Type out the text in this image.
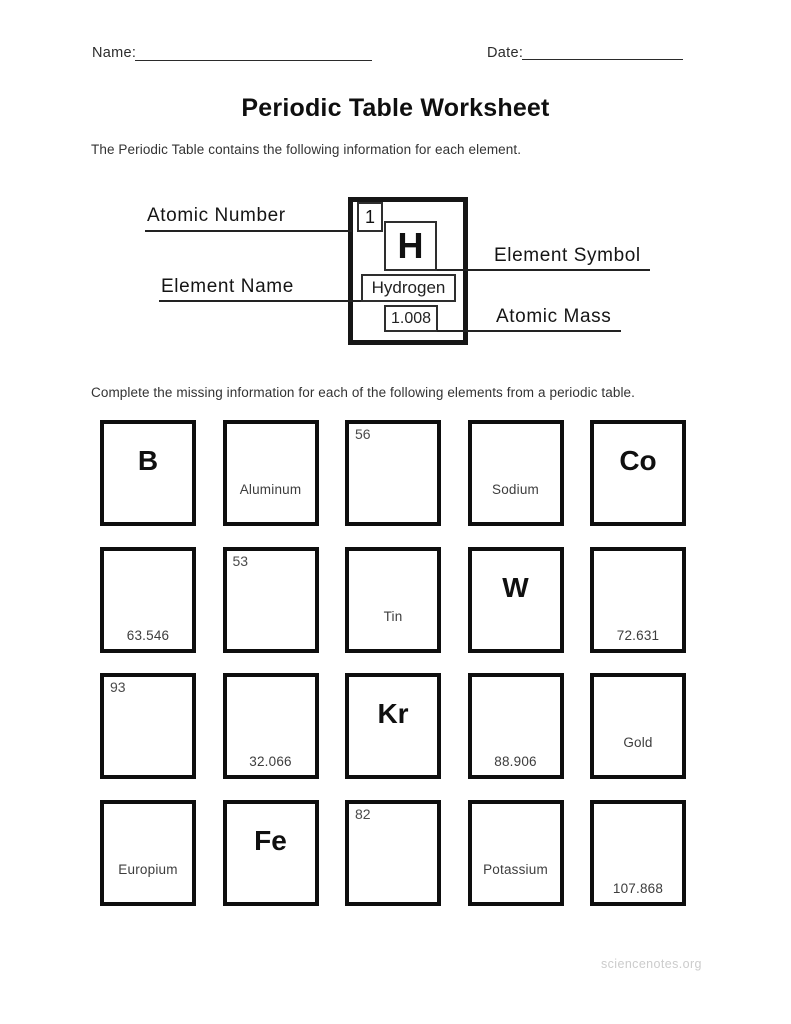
Name:	Date:
Periodic Table Worksheet
The Periodic Table contains the following information for each element.
Atomic Number
Element Symbol
Element Name
Atomic Mass
1
H
Hydrogen
1.008
Complete the missing information for each of the following elements from a periodic table.
B
Aluminum
56
Sodium
Co
63.546
53
Tin
W
72.631
93
32.066
Kr
88.906
Gold
Europium
Fe
82
Potassium
107.868
sciencenotes.org
